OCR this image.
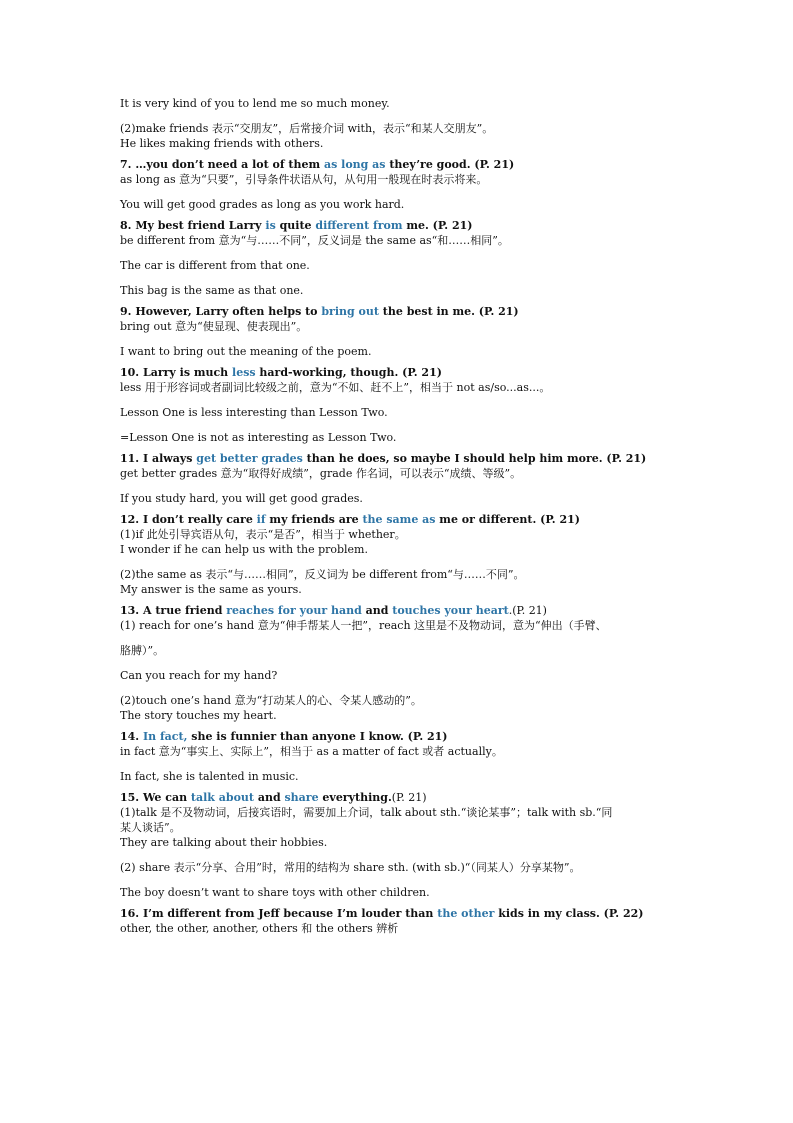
It is very kind of you to lend me so much money.

(2)make friends 表示“交朋友”，后常接介词 with，表示“和某人交朋友”。

He likes making friends with others.

7. …you don’t need a lot of them as long as they’re good. (P. 21)

as long as 意为“只要”，引导条件状语从句，从句用一般现在时表示将来。

You will get good grades as long as you work hard.

8. My best friend Larry is quite different from me. (P. 21)

be different from 意为“与……不同”，反义词是 the same as“和……相同”。

The car is different from that one.

This bag is the same as that one.

9. However, Larry often helps to bring out the best in me. (P. 21)

bring out 意为“使显现、使表现出”。

I want to bring out the meaning of the poem.

10. Larry is much less hard-working, though. (P. 21)

less 用于形容词或者副词比较级之前，意为“不如、赶不上”，相当于 not as/so...as...。

Lesson One is less interesting than Lesson Two.

=Lesson One is not as interesting as Lesson Two.

11. I always get better grades than he does, so maybe I should help him more. (P. 21)

get better grades 意为“取得好成绩”，grade 作名词，可以表示“成绩、等级”。

If you study hard, you will get good grades.

12. I don’t really care if my friends are the same as me or different. (P. 21)

(1)if 此处引导宾语从句，表示“是否”，相当于 whether。

I wonder if he can help us with the problem.

(2)the same as 表示“与……相同”，反义词为 be different from“与……不同”。

My answer is the same as yours.

13. A true friend reaches for your hand and touches your heart.(P. 21)

(1) reach for one’s hand 意为“伸手帮某人一把”，reach 这里是不及物动词，意为“伸出（手臂、

胳膊）”。

Can you reach for my hand?

(2)touch one’s hand 意为“打动某人的心、令某人感动的”。

The story touches my heart.

14. In fact, she is funnier than anyone I know. (P. 21)

in fact 意为“事实上、实际上”，相当于 as a matter of fact 或者 actually。

In fact, she is talented in music.

15. We can talk about and share everything.(P. 21)

(1)talk 是不及物动词，后接宾语时，需要加上介词，talk about sth.“谈论某事”；talk with sb.“同

某人谈话”。

They are talking about their hobbies.

(2) share 表示“分享、合用”时，常用的结构为 share sth. (with sb.)“（同某人）分享某物”。

The boy doesn’t want to share toys with other children.

16. I’m different from Jeff because I’m louder than the other kids in my class. (P. 22)

other, the other, another, others 和 the others 辨析
